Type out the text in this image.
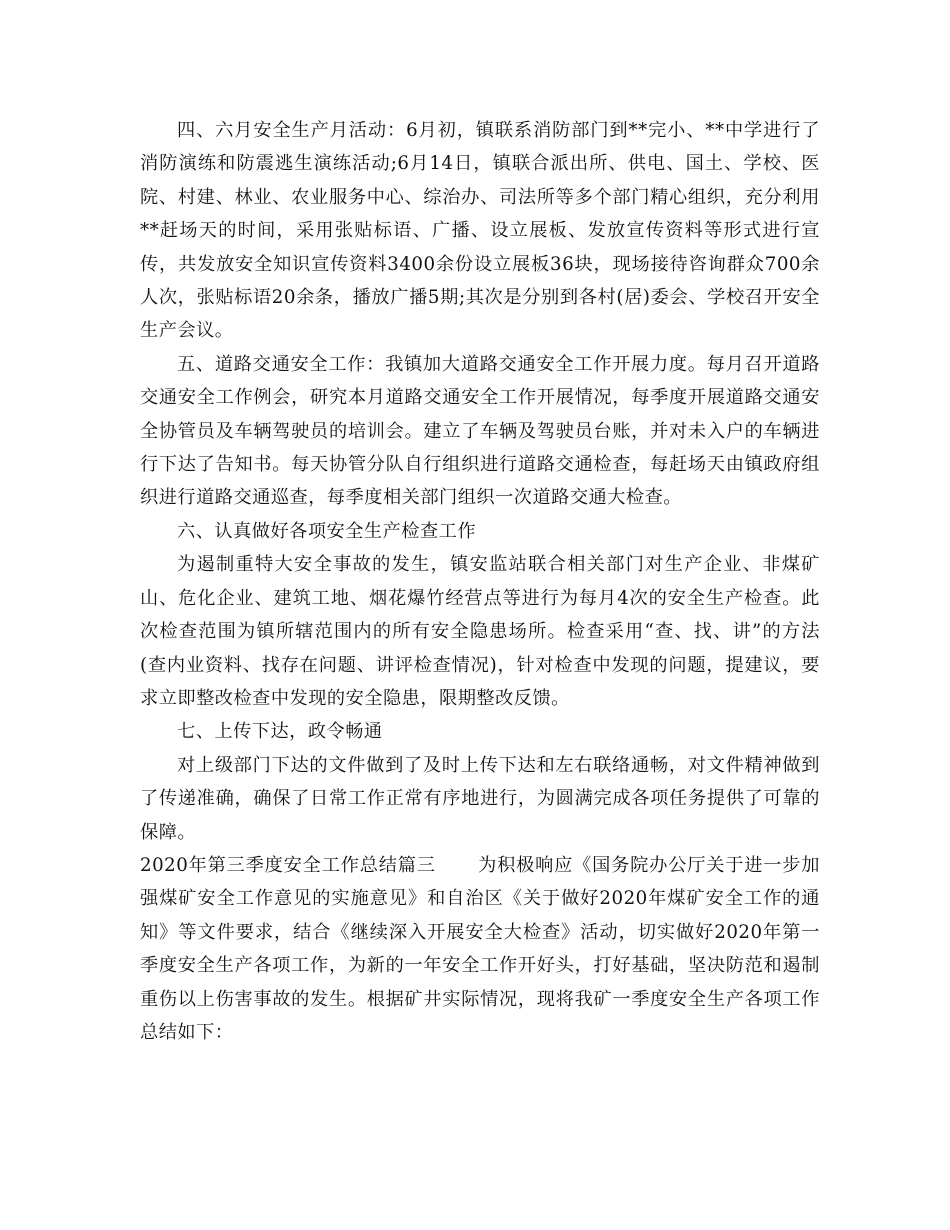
四、六月安全生产月活动：6月初，镇联系消防部门到**完小、**中学进行了消防演练和防震逃生演练活动;6月14日，镇联合派出所、供电、国土、学校、医院、村建、林业、农业服务中心、综治办、司法所等多个部门精心组织，充分利用**赶场天的时间，采用张贴标语、广播、设立展板、发放宣传资料等形式进行宣传，共发放安全知识宣传资料3400余份设立展板36块，现场接待咨询群众700余人次，张贴标语20余条，播放广播5期;其次是分别到各村(居)委会、学校召开安全生产会议。

五、道路交通安全工作：我镇加大道路交通安全工作开展力度。每月召开道路交通安全工作例会，研究本月道路交通安全工作开展情况，每季度开展道路交通安全协管员及车辆驾驶员的培训会。建立了车辆及驾驶员台账，并对未入户的车辆进行下达了告知书。每天协管分队自行组织进行道路交通检查，每赶场天由镇政府组织进行道路交通巡查，每季度相关部门组织一次道路交通大检查。

六、认真做好各项安全生产检查工作

为遏制重特大安全事故的发生，镇安监站联合相关部门对生产企业、非煤矿山、危化企业、建筑工地、烟花爆竹经营点等进行为每月4次的安全生产检查。此次检查范围为镇所辖范围内的所有安全隐患场所。检查采用“查、找、讲”的方法(查内业资料、找存在问题、讲评检查情况)，针对检查中发现的问题，提建议，要求立即整改检查中发现的安全隐患，限期整改反馈。

七、上传下达，政令畅通

对上级部门下达的文件做到了及时上传下达和左右联络通畅，对文件精神做到了传递准确，确保了日常工作正常有序地进行，为圆满完成各项任务提供了可靠的保障。

2020年第三季度安全工作总结篇三 为积极响应《国务院办公厅关于进一步加强煤矿安全工作意见的实施意见》和自治区《关于做好2020年煤矿安全工作的通知》等文件要求，结合《继续深入开展安全大检查》活动，切实做好2020年第一季度安全生产各项工作，为新的一年安全工作开好头，打好基础，坚决防范和遏制重伤以上伤害事故的发生。根据矿井实际情况，现将我矿一季度安全生产各项工作总结如下：
